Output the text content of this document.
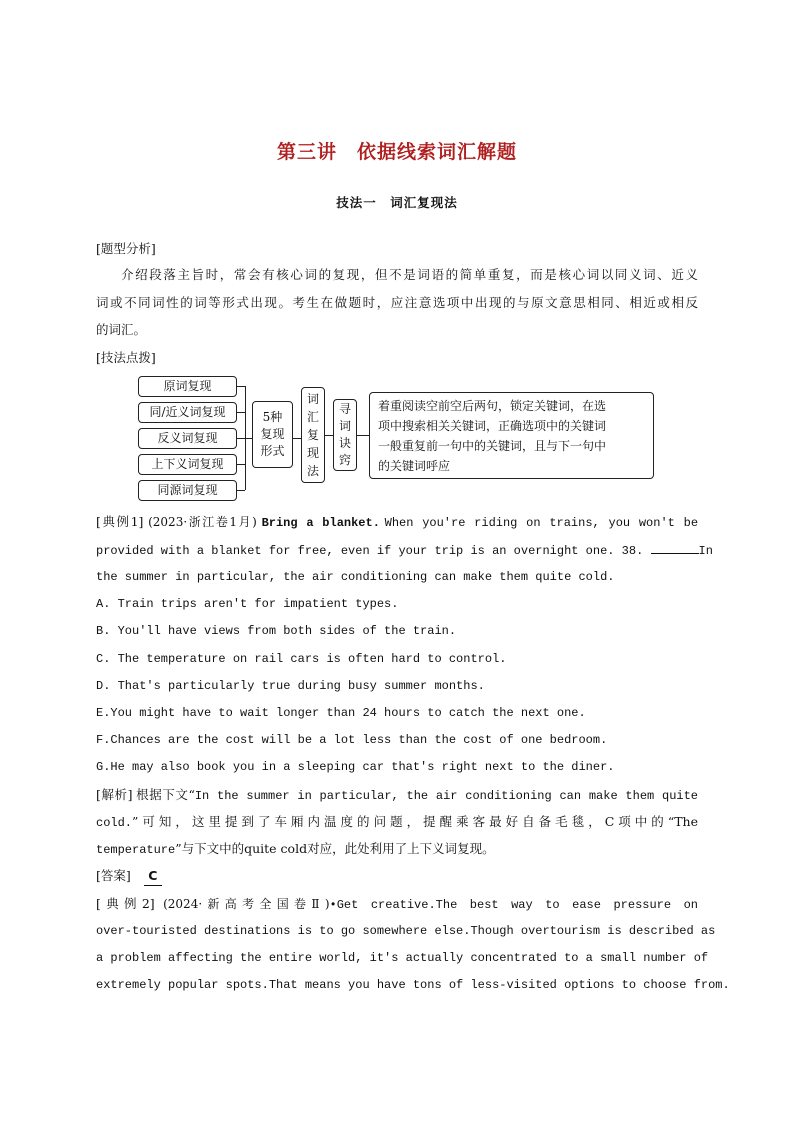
第三讲　依据线索词汇解题
技法一　词汇复现法
[题型分析]
介绍段落主旨时，常会有核心词的复现，但不是词语的简单重复，而是核心词以同义词、近义
词或不同词性的词等形式出现。考生在做题时，应注意选项中出现的与原文意思相同、相近或相反
的词汇。
[技法点拨]
原词复现
同/近义词复现
反义词复现
上下义词复现
同源词复现
5种
复现
形式
词
汇
复
现
法
寻
词
诀
窍
着重阅读空前空后两句，锁定关键词，在选
项中搜索相关关键词，正确选项中的关键词
一般重复前一句中的关键词，且与下一句中
的关键词呼应
[典例1] (2023·浙江卷1月) Bring a blanket. When you're riding on trains, you won't be
provided with a blanket for free, even if your trip is an overnight one. 38.	In
the summer in particular, the air conditioning can make them quite cold.
A. Train trips aren't for impatient types.
B. You'll have views from both sides of the train.
C. The temperature on rail cars is often hard to control.
D. That's particularly true during busy summer months.
E.You might have to wait longer than 24 hours to catch the next one.
F.Chances are the cost will be a lot less than the cost of one bedroom.
G.He may also book you in a sleeping car that's right next to the diner.
[解析] 根据下文“In the summer in particular, the air conditioning can make them quite
cold.”可知，这里提到了车厢内温度的问题，提醒乘客最好自备毛毯，C项中的“The
temperature”与下文中的quite cold对应，此处利用了上下义词复现。
[答案] C
[典例2] (2024·新高考全国卷Ⅱ)•Get creative.The best way to ease pressure on
over-touristed destinations is to go somewhere else.Though overtourism is described as
a problem affecting the entire world, it's actually concentrated to a small number of
extremely popular spots.That means you have tons of less-visited options to choose from.
